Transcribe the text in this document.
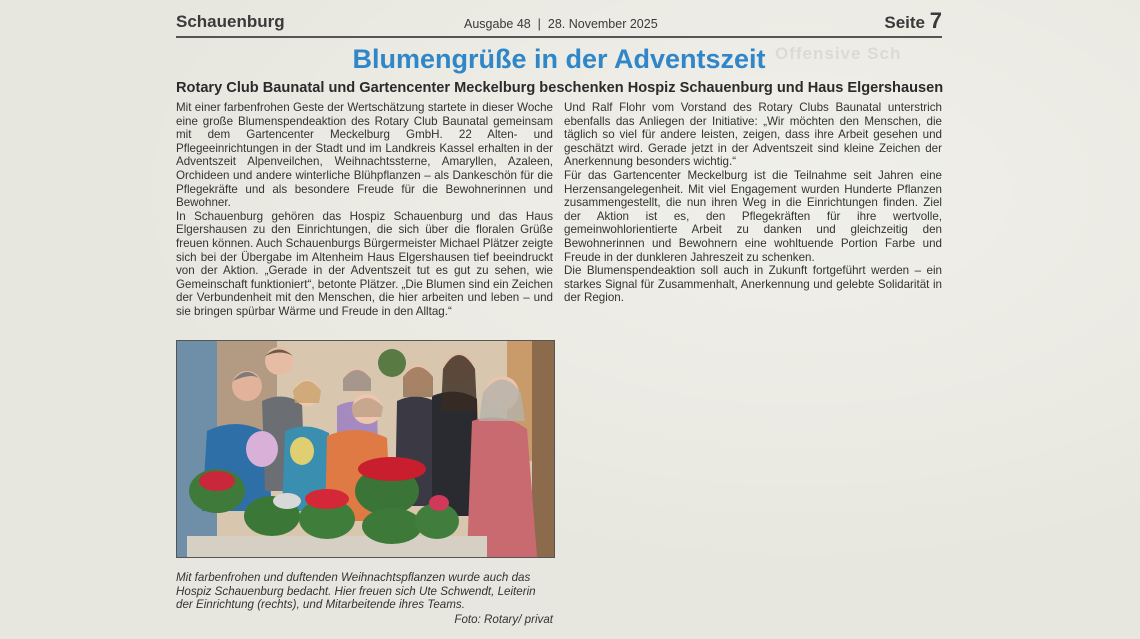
Schauenburg	Ausgabe 48  |  28. November 2025	Seite 7
Offensive Sch
Blumengrüße in der Adventszeit
Rotary Club Baunatal und Gartencenter Meckelburg beschenken Hospiz Schauenburg und Haus Elgershausen

Mit einer farbenfrohen Geste der Wertschätzung startete in dieser Woche eine große Blumenspendeaktion des Rotary Club Baunatal gemeinsam mit dem Gartencenter Meckelburg GmbH. 22 Alten- und Pflegeeinrichtungen in der Stadt und im Landkreis Kassel erhalten in der Adventszeit Alpenveilchen, Weihnachtssterne, Amaryllen, Azaleen, Orchideen und andere winterliche Blühpflanzen – als Dankeschön für die Pflegekräfte und als besondere Freude für die Bewohnerinnen und Bewohner.

In Schauenburg gehören das Hospiz Schauenburg und das Haus Elgershausen zu den Einrichtungen, die sich über die floralen Grüße freuen können. Auch Schauenburgs Bürgermeister Michael Plätzer zeigte sich bei der Übergabe im Altenheim Haus Elgershausen tief beeindruckt von der Aktion. „Gerade in der Adventszeit tut es gut zu sehen, wie Gemeinschaft funktioniert“, betonte Plätzer. „Die Blumen sind ein Zeichen der Verbundenheit mit den Menschen, die hier arbeiten und leben – und sie bringen spürbar Wärme und Freude in den Alltag.“

Und Ralf Flohr vom Vorstand des Rotary Clubs Baunatal unterstrich ebenfalls das Anliegen der Initiative: „Wir möchten den Menschen, die täglich so viel für andere leisten, zeigen, dass ihre Arbeit gesehen und geschätzt wird. Gerade jetzt in der Adventszeit sind kleine Zeichen der Anerkennung besonders wichtig.“

Für das Gartencenter Meckelburg ist die Teilnahme seit Jahren eine Herzensangelegenheit. Mit viel Engagement wurden Hunderte Pflanzen zusammengestellt, die nun ihren Weg in die Einrichtungen finden. Ziel der Aktion ist es, den Pflegekräften für ihre wertvolle, gemeinwohlorientierte Arbeit zu danken und gleichzeitig den Bewohnerinnen und Bewohnern eine wohltuende Portion Farbe und Freude in der dunkleren Jahreszeit zu schenken.

Die Blumenspendeaktion soll auch in Zukunft fortgeführt werden – ein starkes Signal für Zusammenhalt, Anerkennung und gelebte Solidarität in der Region.

Mit farbenfrohen und duftenden Weihnachtspflanzen wurde auch das Hospiz Schauenburg bedacht. Hier freuen sich Ute Schwendt, Leiterin der Einrichtung (rechts), und Mitarbeitende ihres Teams.
Foto: Rotary/ privat
